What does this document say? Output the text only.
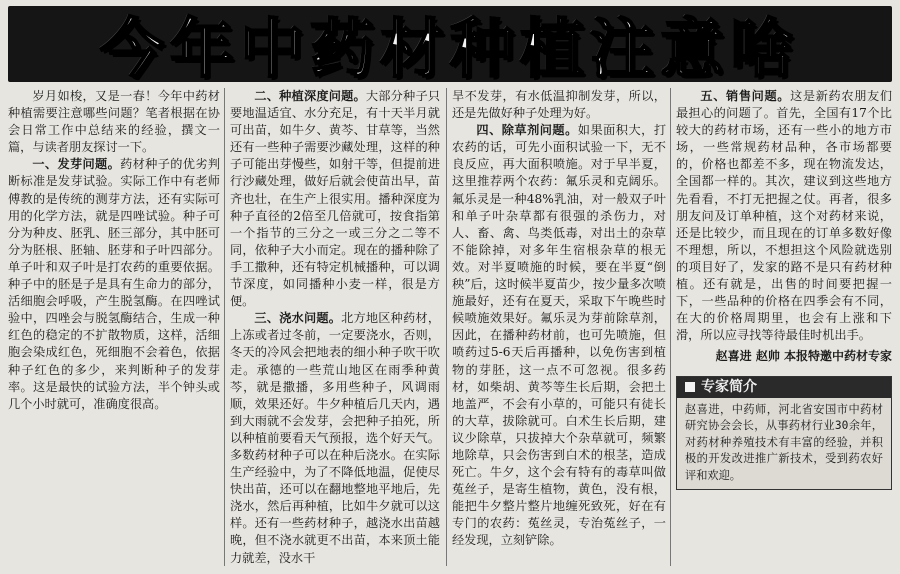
今年中药材种植注意啥

岁月如梭，又是一春！今年中药材种植需要注意哪些问题？笔者根据在协会日常工作中总结来的经验，撰文一篇，与读者朋友探讨一下。

一、发芽问题。药材种子的优劣判断标准是发芽试验。实际工作中有老师傅教的是传统的测芽方法，还有实际可用的化学方法，就是四唑试验。种子可分为种皮、胚乳、胚三部分，其中胚可分为胚根、胚轴、胚芽和子叶四部分。单子叶和双子叶是打农药的重要依据。种子中的胚是子是具有生命力的部分，活细胞会呼吸，产生脱氢酶。在四唑试验中，四唑会与脱氢酶结合，生成一种红色的稳定的不扩散物质，这样，活细胞会染成红色，死细胞不会着色，依据种子红色的多少，来判断种子的发芽率。这是最快的试验方法，半个钟头或几个小时就可，准确度很高。

二、种植深度问题。大部分种子只要地温适宜、水分充足，有十天半月就可出苗，如牛夕、黄芩、甘草等，当然还有一些种子需要沙藏处理，这样的种子可能出芽慢些，如射干等，但提前进行沙藏处理，做好后就会使苗出早，苗齐也壮，在生产上很实用。播种深度为种子直径的2倍至几倍就可，按食指第一个指节的三分之一或三分之二等不同，依种子大小而定。现在的播种除了手工撒种，还有特定机械播种，可以调节深度，如同播种小麦一样，很是方便。

三、浇水问题。北方地区种药材，上冻或者过冬前，一定要浇水，否则，冬天的冷风会把地表的细小种子吹干吹走。承德的一些荒山地区在雨季种黄芩，就是撒播，多用些种子，风调雨顺，效果还好。牛夕种植后几天内，遇到大雨就不会发芽，会把种子拍死，所以种植前要看天气预报，选个好天气。多数药材种子可以在种后浇水。在实际生产经验中，为了不降低地温，促使尽快出苗，还可以在翻地整地平地后，先浇水，然后再种植，比如牛夕就可以这样。还有一些药材种子，越浇水出苗越晚，但不浇水就更不出苗，本来顶土能力就差，没水干

旱不发芽，有水低温抑制发芽，所以，还是先做好种子处理为好。

四、除草剂问题。如果面积大，打农药的话，可先小面积试验一下，无不良反应，再大面积喷施。对于早半夏，这里推荐两个农药：氟乐灵和克阔乐。氟乐灵是一种48%乳油，对一般双子叶和单子叶杂草都有很强的杀伤力，对人、畜、禽、鸟类低毒，对出土的杂草不能除掉，对多年生宿根杂草的根无效。对半夏喷施的时候，要在半夏“倒秧”后，这时候半夏苗少，按少量多次喷施最好，还有在夏天，采取下午晚些时候喷施效果好。氟乐灵为芽前除草剂，因此，在播种药材前，也可先喷施，但喷药过5-6天后再播种，以免伤害到植物的芽胚，这一点不可忽视。很多药材，如柴胡、黄芩等生长后期，会把土地盖严，不会有小草的，可能只有徒长的大草，拔除就可。白术生长后期，建议少除草，只拔掉大个杂草就可，频繁地除草，只会伤害到白术的根茎，造成死亡。牛夕，这个会有特有的毒草叫做菟丝子，是寄生植物，黄色，没有根，能把牛夕整片整片地缠死致死，好在有专门的农药：菟丝灵，专治菟丝子，一经发现，立刻铲除。

五、销售问题。这是新药农朋友们最担心的问题了。首先，全国有17个比较大的药材市场，还有一些小的地方市场，一些常规药材品种，各市场都要的，价格也都差不多，现在物流发达，全国都一样的。其次，建议到这些地方先看看，不打无把握之仗。再者，很多朋友问及订单种植，这个对药材来说，还是比较少，而且现在的订单多数好像不理想，所以，不想担这个风险就选别的项目好了，发家的路不是只有药材种植。还有就是，出售的时间要把握一下，一些品种的价格在四季会有不同，在大的价格周期里，也会有上涨和下滑，所以应寻找等待最佳时机出手。

赵喜进 赵帅 本报特邀中药材专家
专家简介
赵喜进，中药师，河北省安国市中药材研究协会会长，从事药材行业30余年，对药材种养殖技术有丰富的经验，并积极的开发改进推广新技术，受到药农好评和欢迎。
